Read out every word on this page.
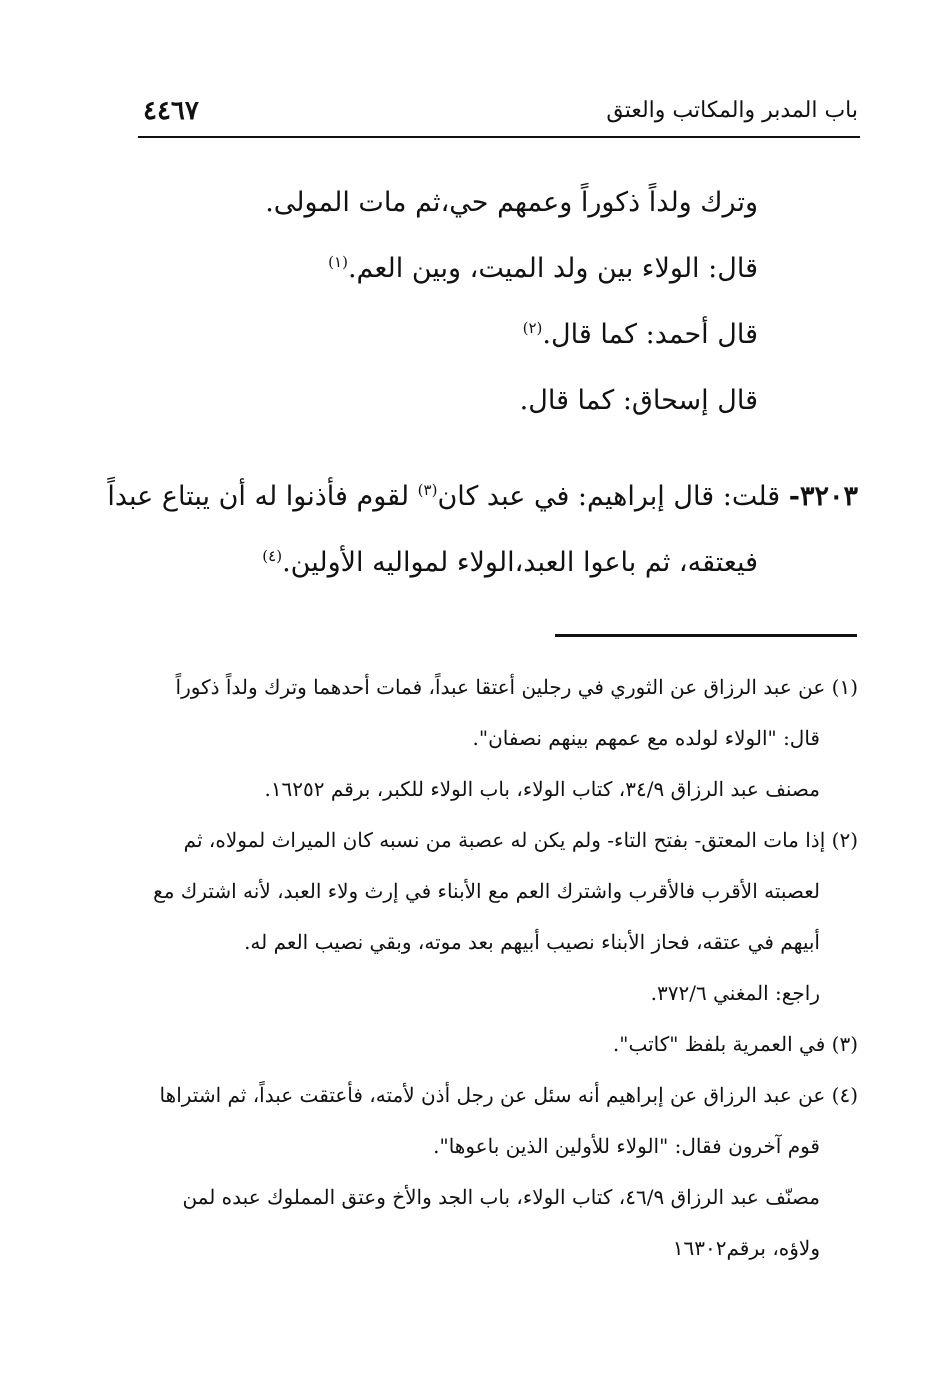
٤٤٦٧	باب المدبر والمكاتب والعتق
وترك ولداً ذكوراً وعمهم حي،ثم مات المولى.
قال: الولاء بين ولد الميت، وبين العم.$^{(١)}$
قال أحمد: كما قال.$^{(٢)}$
قال إسحاق: كما قال.
٣٢٠٣- قلت: قال إبراهيم: في عبد كان$^{(٣)}$ لقوم فأذنوا له أن يبتاع عبداً
فيعتقه، ثم باعوا العبد،الولاء لمواليه الأولين.$^{(٤)}$
(١) عن عبد الرزاق عن الثوري في رجلين أعتقا عبداً، فمات أحدهما وترك ولداً ذكوراً
قال: "الولاء لولده مع عمهم بينهم نصفان".
مصنف عبد الرزاق ٣٤/٩، كتاب الولاء، باب الولاء للكبر، برقم ١٦٢٥٢.
(٢) إذا مات المعتق- بفتح التاء- ولم يكن له عصبة من نسبه كان الميراث لمولاه، ثم
لعصبته الأقرب فالأقرب واشترك العم مع الأبناء في إرث ولاء العبد، لأنه اشترك مع
أبيهم في عتقه، فحاز الأبناء نصيب أبيهم بعد موته، وبقي نصيب العم له.
راجع: المغني ٣٧٢/٦.
(٣) في العمرية بلفظ "كاتب".
(٤) عن عبد الرزاق عن إبراهيم أنه سئل عن رجل أذن لأمته، فأعتقت عبداً، ثم اشتراها
قوم آخرون فقال: "الولاء للأولين الذين باعوها".
مصنّف عبد الرزاق ٤٦/٩، كتاب الولاء، باب الجد والأخ وعتق المملوك عبده لمن
ولاؤه، برقم١٦٣٠٢
